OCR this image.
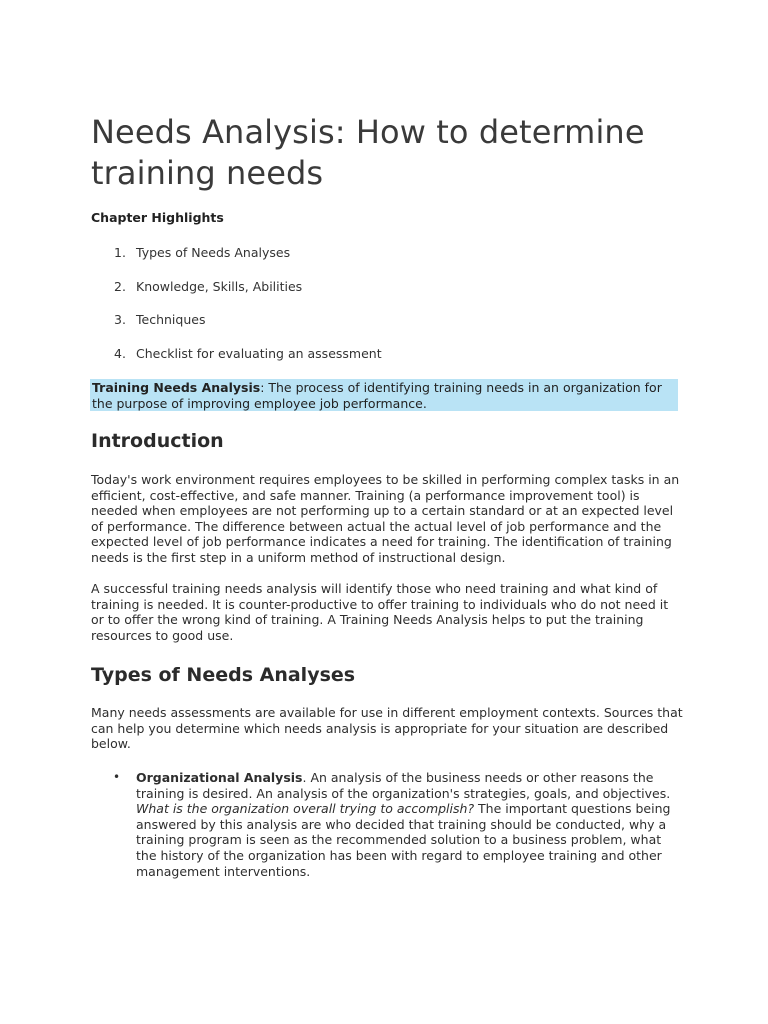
Needs Analysis: How to determine training needs
Chapter Highlights
1. Types of Needs Analyses
2. Knowledge, Skills, Abilities
3. Techniques
4. Checklist for evaluating an assessment
Training Needs Analysis: The process of identifying training needs in an organization for the purpose of improving employee job performance.
Introduction

Today's work environment requires employees to be skilled in performing complex tasks in an efficient, cost-effective, and safe manner. Training (a performance improvement tool) is needed when employees are not performing up to a certain standard or at an expected level of performance. The difference between actual the actual level of job performance and the expected level of job performance indicates a need for training. The identification of training needs is the first step in a uniform method of instructional design.

A successful training needs analysis will identify those who need training and what kind of training is needed. It is counter-productive to offer training to individuals who do not need it or to offer the wrong kind of training. A Training Needs Analysis helps to put the training resources to good use.

Types of Needs Analyses

Many needs assessments are available for use in different employment contexts. Sources that can help you determine which needs analysis is appropriate for your situation are described below.

• Organizational Analysis. An analysis of the business needs or other reasons the training is desired. An analysis of the organization's strategies, goals, and objectives. What is the organization overall trying to accomplish? The important questions being answered by this analysis are who decided that training should be conducted, why a training program is seen as the recommended solution to a business problem, what the history of the organization has been with regard to employee training and other management interventions.
